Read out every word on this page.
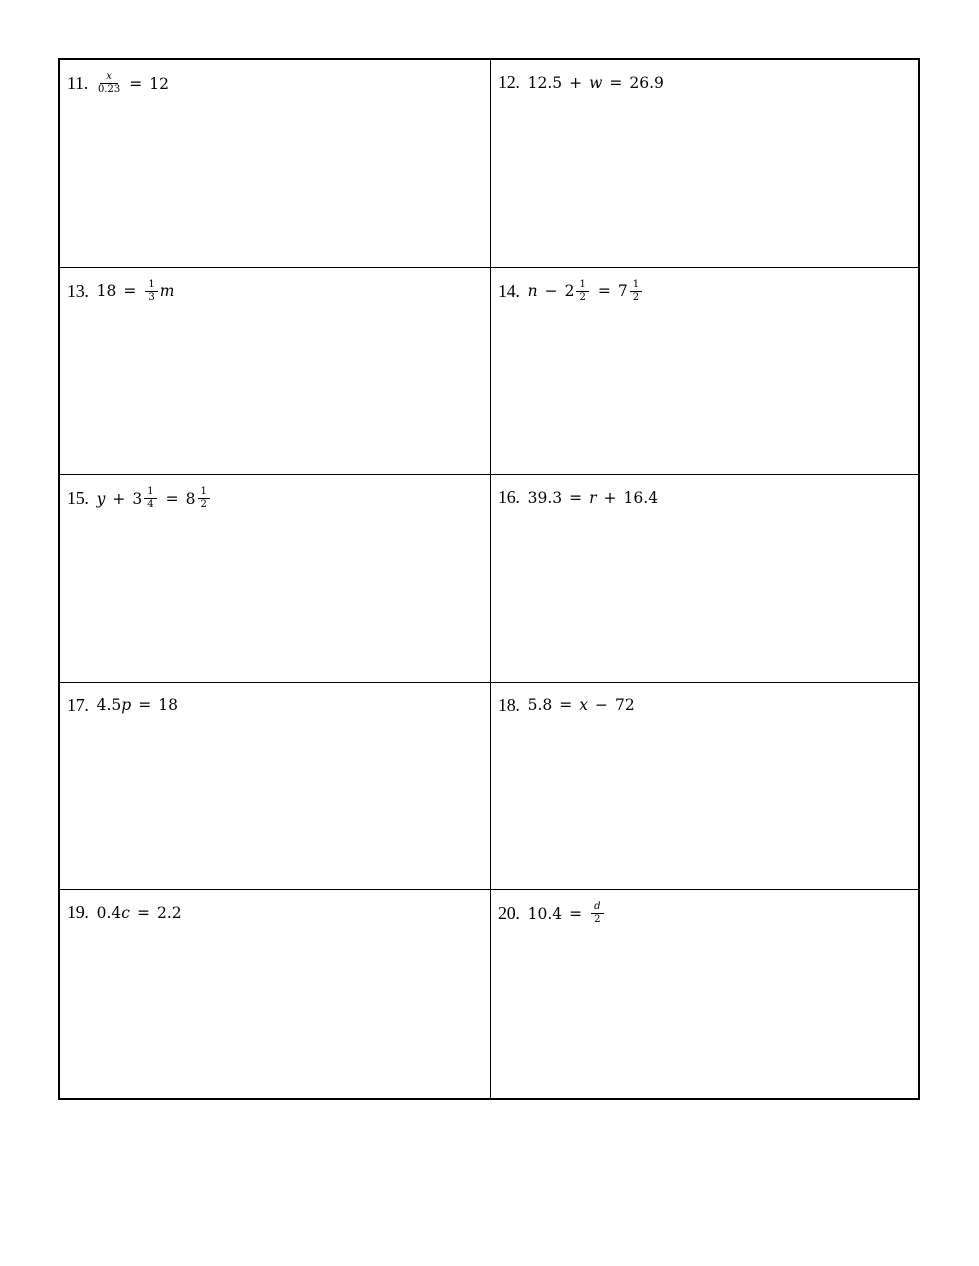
11. $\frac{x}{0.23} = 12$	12. 12.5 + w = 26.9
13. $18 = \frac{1}{3}$ m	14. $n - 2 \frac{1}{2} = 7 \frac{1}{2}$
15. $y + 3 \frac{1}{4} = 8 \frac{1}{2}$	16. 39.3 = r + 16.4
17. 4.5 p = 18	18. 5.8 = x − 72
19. 0.4 c = 2.2	20. $10.4 = \frac{d}{2}$
